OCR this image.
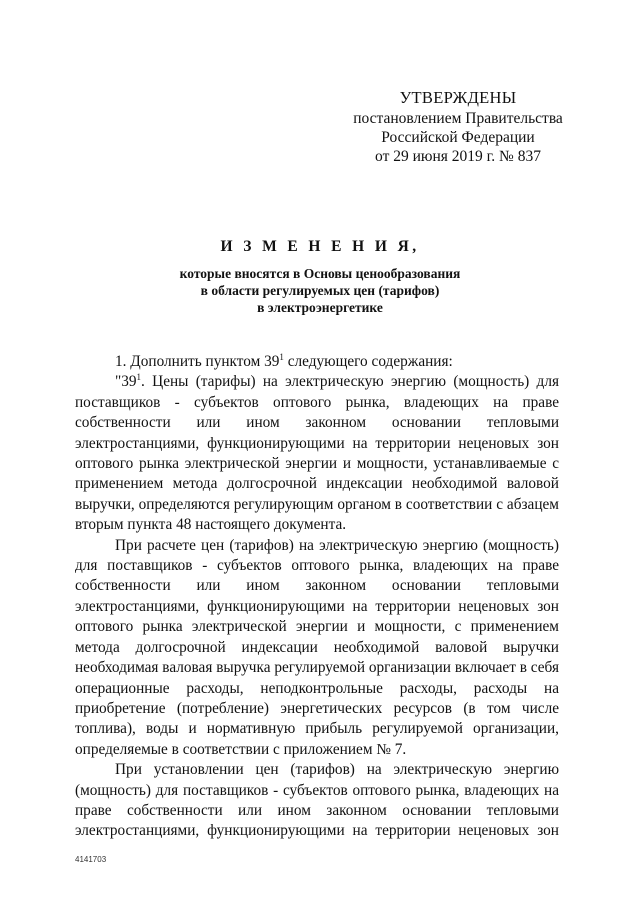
УТВЕРЖДЕНЫ
постановлением Правительства
Российской Федерации
от 29 июня 2019 г. № 837
И З М Е Н Е Н И Я,
которые вносятся в Основы ценообразования
в области регулируемых цен (тарифов)
в электроэнергетике

1. Дополнить пунктом $39^1$ следующего содержания:

"$39^1$. Цены (тарифы) на электрическую энергию (мощность) для поставщиков - субъектов оптового рынка, владеющих на праве собственности или ином законном основании тепловыми электростанциями, функционирующими на территории неценовых зон оптового рынка электрической энергии и мощности, устанавливаемые с применением метода долгосрочной индексации необходимой валовой выручки, определяются регулирующим органом в соответствии с абзацем вторым пункта 48 настоящего документа.

При расчете цен (тарифов) на электрическую энергию (мощность) для поставщиков - субъектов оптового рынка, владеющих на праве собственности или ином законном основании тепловыми электростанциями, функционирующими на территории неценовых зон оптового рынка электрической энергии и мощности, с применением метода долгосрочной индексации необходимой валовой выручки необходимая валовая выручка регулируемой организации включает в себя операционные расходы, неподконтрольные расходы, расходы на приобретение (потребление) энергетических ресурсов (в том числе топлива), воды и нормативную прибыль регулируемой организации, определяемые в соответствии с приложением № 7.

При установлении цен (тарифов) на электрическую энергию (мощность) для поставщиков - субъектов оптового рынка, владеющих на праве собственности или ином законном основании тепловыми электростанциями, функционирующими на территории неценовых зон

4141703
